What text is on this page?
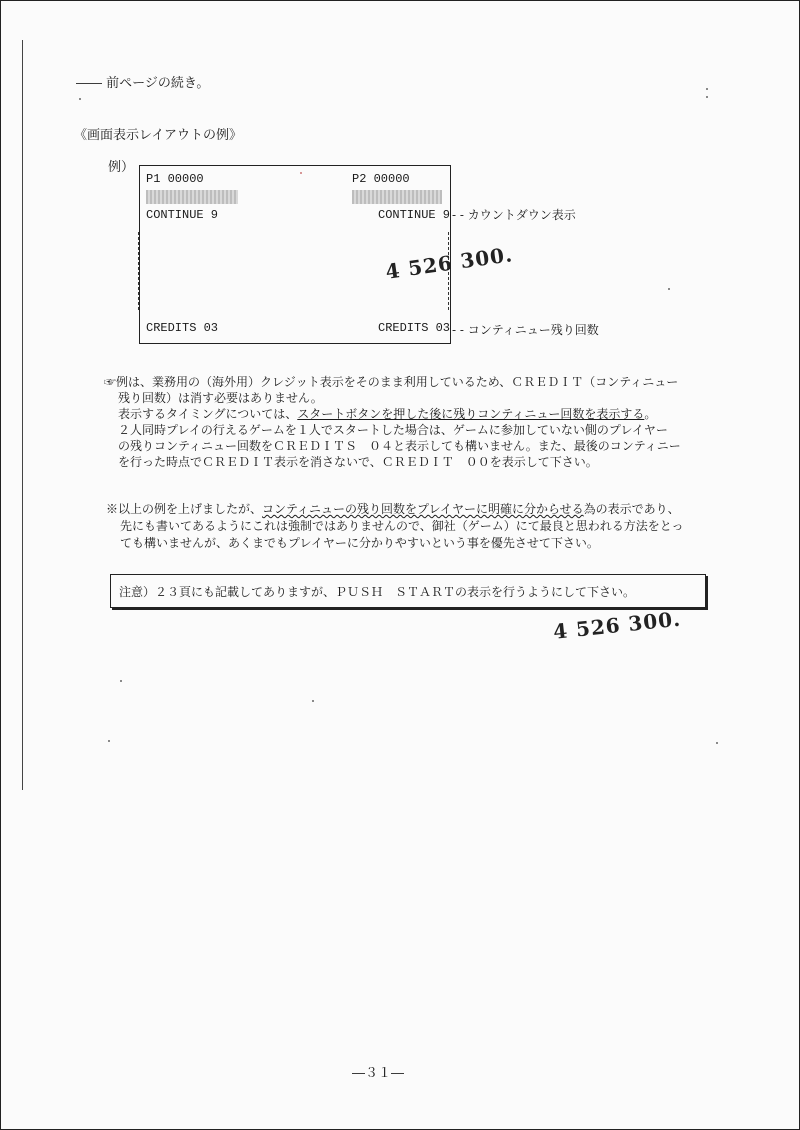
―― 前ページの続き。
《画面表示レイアウトの例》
例）
P1 00000	P2 00000
CONTINUE 9	CONTINUE 9
CREDITS 03	CREDITS 03
- - カウントダウン表示
- - コンティニュー残り回数
4 526 300.
☞例は、業務用の（海外用）クレジット表示をそのまま利用しているため、ＣＲＥＤＩＴ（コンティニュー
残り回数）は消す必要はありません。
表示するタイミングについては、スタートボタンを押した後に残りコンティニュー回数を表示する。
２人同時プレイの行えるゲームを１人でスタートした場合は、ゲームに参加していない側のプレイヤー
の残りコンティニュー回数をＣＲＥＤＩＴＳ　０４と表示しても構いません。また、最後のコンティニー
を行った時点でＣＲＥＤＩＴ表示を消さないで、ＣＲＥＤＩＴ　００を表示して下さい。
※以上の例を上げましたが、コンティニューの残り回数をプレイヤーに明確に分からせる為の表示であり、
先にも書いてあるようにこれは強制ではありませんので、御社（ゲーム）にて最良と思われる方法をとっ
ても構いませんが、あくまでもプレイヤーに分かりやすいという事を優先させて下さい。
注意）２３頁にも記載してありますが、ＰＵＳＨ　ＳＴＡＲＴの表示を行うようにして下さい。
4 526 300.
―３１―
